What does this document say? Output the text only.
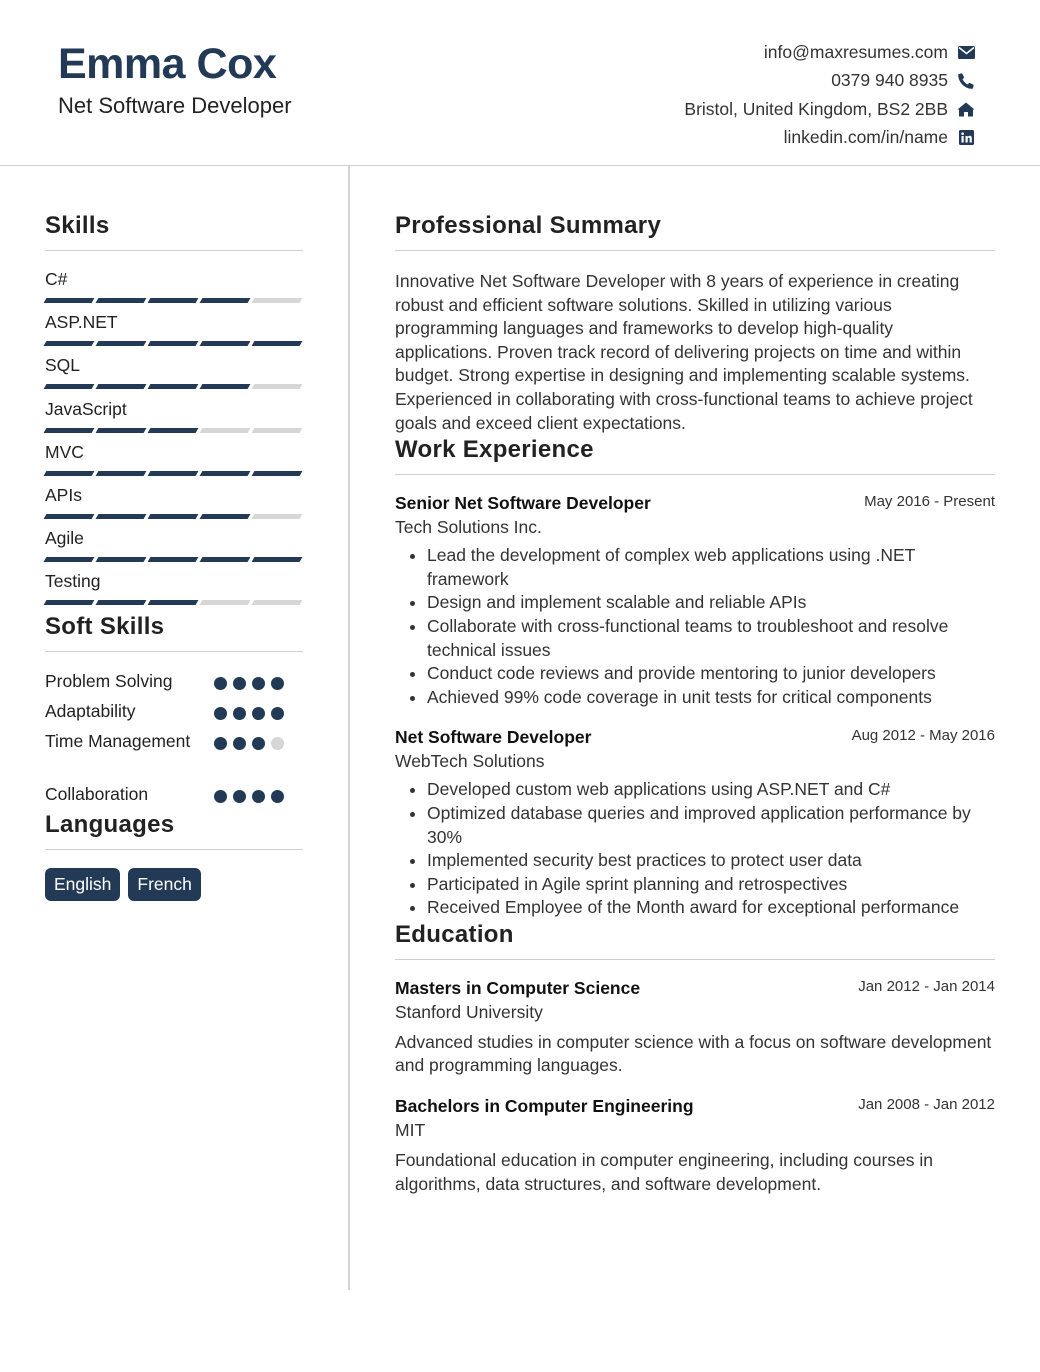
Emma Cox
Net Software Developer
info@maxresumes.com
0379 940 8935
Bristol, United Kingdom, BS2 2BB
linkedin.com/in/name
Skills
C#
ASP.NET
SQL
JavaScript
MVC
APIs
Agile
Testing
Soft Skills
Problem Solving
Adaptability
Time Management
Collaboration
Languages
English	French
Professional Summary
Innovative Net Software Developer with 8 years of experience in creating robust and efficient software solutions. Skilled in utilizing various programming languages and frameworks to develop high-quality applications. Proven track record of delivering projects on time and within budget. Strong expertise in designing and implementing scalable systems. Experienced in collaborating with cross-functional teams to achieve project goals and exceed client expectations.
Work Experience
Senior Net Software Developer	May 2016 - Present
Tech Solutions Inc.
• Lead the development of complex web applications using .NET framework
• Design and implement scalable and reliable APIs
• Collaborate with cross-functional teams to troubleshoot and resolve technical issues
• Conduct code reviews and provide mentoring to junior developers
• Achieved 99% code coverage in unit tests for critical components
Net Software Developer	Aug 2012 - May 2016
WebTech Solutions
• Developed custom web applications using ASP.NET and C#
• Optimized database queries and improved application performance by 30%
• Implemented security best practices to protect user data
• Participated in Agile sprint planning and retrospectives
• Received Employee of the Month award for exceptional performance
Education
Masters in Computer Science	Jan 2012 - Jan 2014
Stanford University
Advanced studies in computer science with a focus on software development and programming languages.
Bachelors in Computer Engineering	Jan 2008 - Jan 2012
MIT
Foundational education in computer engineering, including courses in algorithms, data structures, and software development.
